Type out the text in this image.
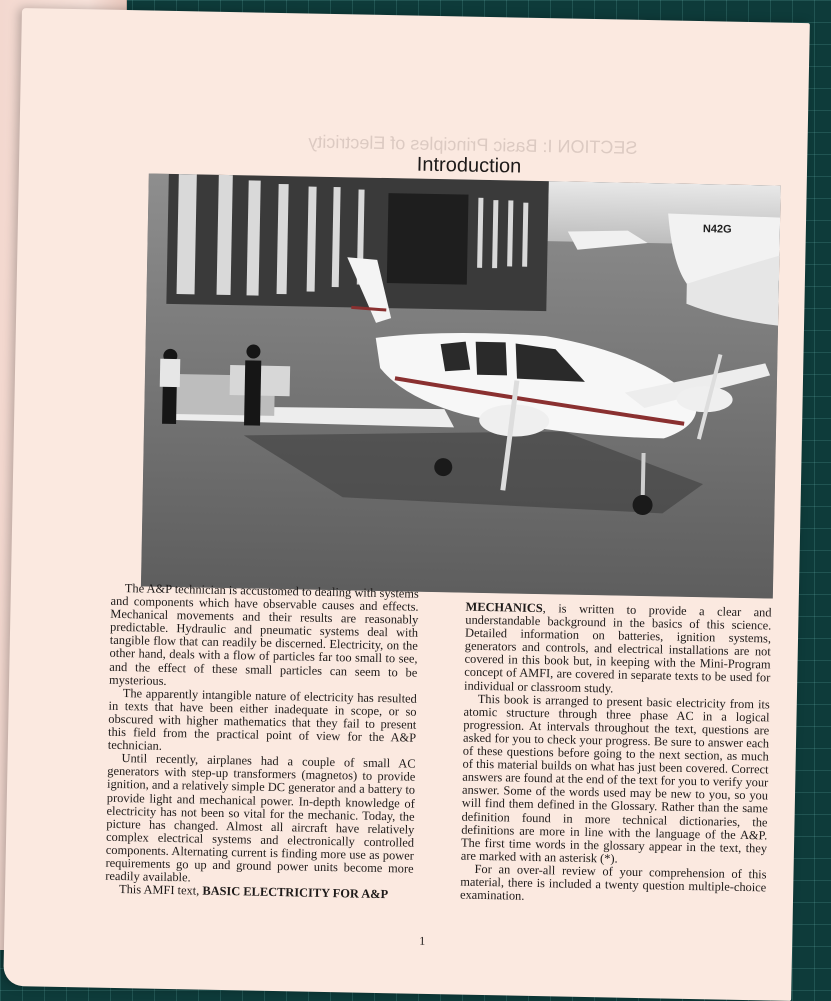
SECTION I: Basic Principles of Electricity
Introduction
N42G

The A&P technician is accustomed to dealing with systems and components which have observable causes and effects. Mechanical movements and their results are reasonably predictable. Hydraulic and pneumatic systems deal with tangible flow that can readily be discerned. Electricity, on the other hand, deals with a flow of particles far too small to see, and the effect of these small particles can seem to be mysterious.

The apparently intangible nature of electricity has resulted in texts that have been either inadequate in scope, or so obscured with higher mathematics that they fail to present this field from the practical point of view for the A&P technician.

Until recently, airplanes had a couple of small AC generators with step-up transformers (magnetos) to provide ignition, and a relatively simple DC generator and a battery to provide light and mechanical power. In-depth knowledge of electricity has not been so vital for the mechanic. Today, the picture has changed. Almost all aircraft have relatively complex electrical systems and electronically controlled components. Alternating current is finding more use as power requirements go up and ground power units become more readily available.

This AMFI text, BASIC ELECTRICITY FOR A&P

MECHANICS, is written to provide a clear and understandable background in the basics of this science. Detailed information on batteries, ignition systems, generators and controls, and electrical installations are not covered in this book but, in keeping with the Mini-Program concept of AMFI, are covered in separate texts to be used for individual or classroom study.

This book is arranged to present basic electricity from its atomic structure through three phase AC in a logical progression. At intervals throughout the text, questions are asked for you to check your progress. Be sure to answer each of these questions before going to the next section, as much of this material builds on what has just been covered. Correct answers are found at the end of the text for you to verify your answer. Some of the words used may be new to you, so you will find them defined in the Glossary. Rather than the same definition found in more technical dictionaries, the definitions are more in line with the language of the A&P. The first time words in the glossary appear in the text, they are marked with an asterisk (*).

For an over-all review of your comprehension of this material, there is included a twenty question multiple-choice examination.

1
